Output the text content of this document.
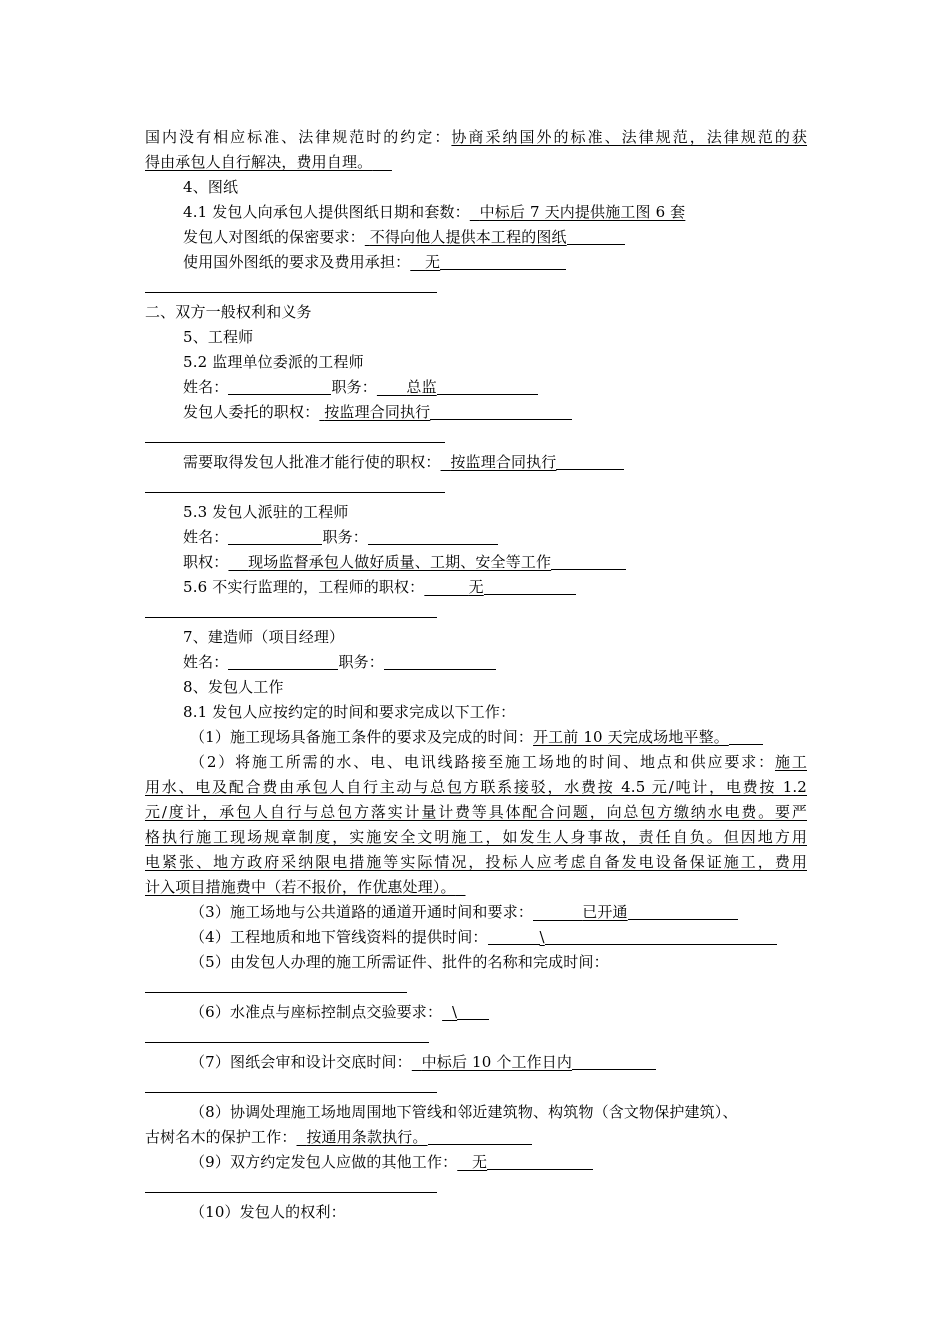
国内没有相应标准、法律规范时的约定：协商采纳国外的标准、法律规范，法律规范的获
得由承包人自行解决，费用自理。
4、图纸
4.1 发包人向承包人提供图纸日期和套数： 中标后 7 天内提供施工图 6 套
发包人对图纸的保密要求： 不得向他人提供本工程的图纸
使用国外图纸的要求及费用承担： 无
二、双方一般权利和义务
5、工程师
5.2 监理单位委派的工程师
姓名：	职务： 总监
发包人委托的职权： 按监理合同执行
需要取得发包人批准才能行使的职权： 按监理合同执行
5.3 发包人派驻的工程师
姓名：	职务：
职权： 现场监督承包人做好质量、工期、安全等工作
5.6 不实行监理的，工程师的职权：	无
7、建造师（项目经理）
姓名：	职务：
8、发包人工作
8.1 发包人应按约定的时间和要求完成以下工作：
（1）施工现场具备施工条件的要求及完成的时间：开工前 10 天完成场地平整。
（2）将施工所需的水、电、电讯线路接至施工场地的时间、地点和供应要求：施工
用水、电及配合费由承包人自行主动与总包方联系接驳，水费按 4.5 元/吨计，电费按 1.2
元/度计，承包人自行与总包方落实计量计费等具体配合问题，向总包方缴纳水电费。要严
格执行施工现场规章制度，实施安全文明施工，如发生人身事故，责任自负。但因地方用
电紧张、地方政府采纳限电措施等实际情况，投标人应考虑自备发电设备保证施工，费用
计入项目措施费中（若不报价，作优惠处理）。
（3）施工场地与公共道路的通道开通时间和要求：	已开通
（4）工程地质和地下管线资料的提供时间：	\
（5）由发包人办理的施工所需证件、批件的名称和完成时间：
（6）水准点与座标控制点交验要求： \
（7）图纸会审和设计交底时间： 中标后 10 个工作日内
（8）协调处理施工场地周围地下管线和邻近建筑物、构筑物（含文物保护建筑）、
古树名木的保护工作： 按通用条款执行。
（9）双方约定发包人应做的其他工作： 无
（10）发包人的权利：
